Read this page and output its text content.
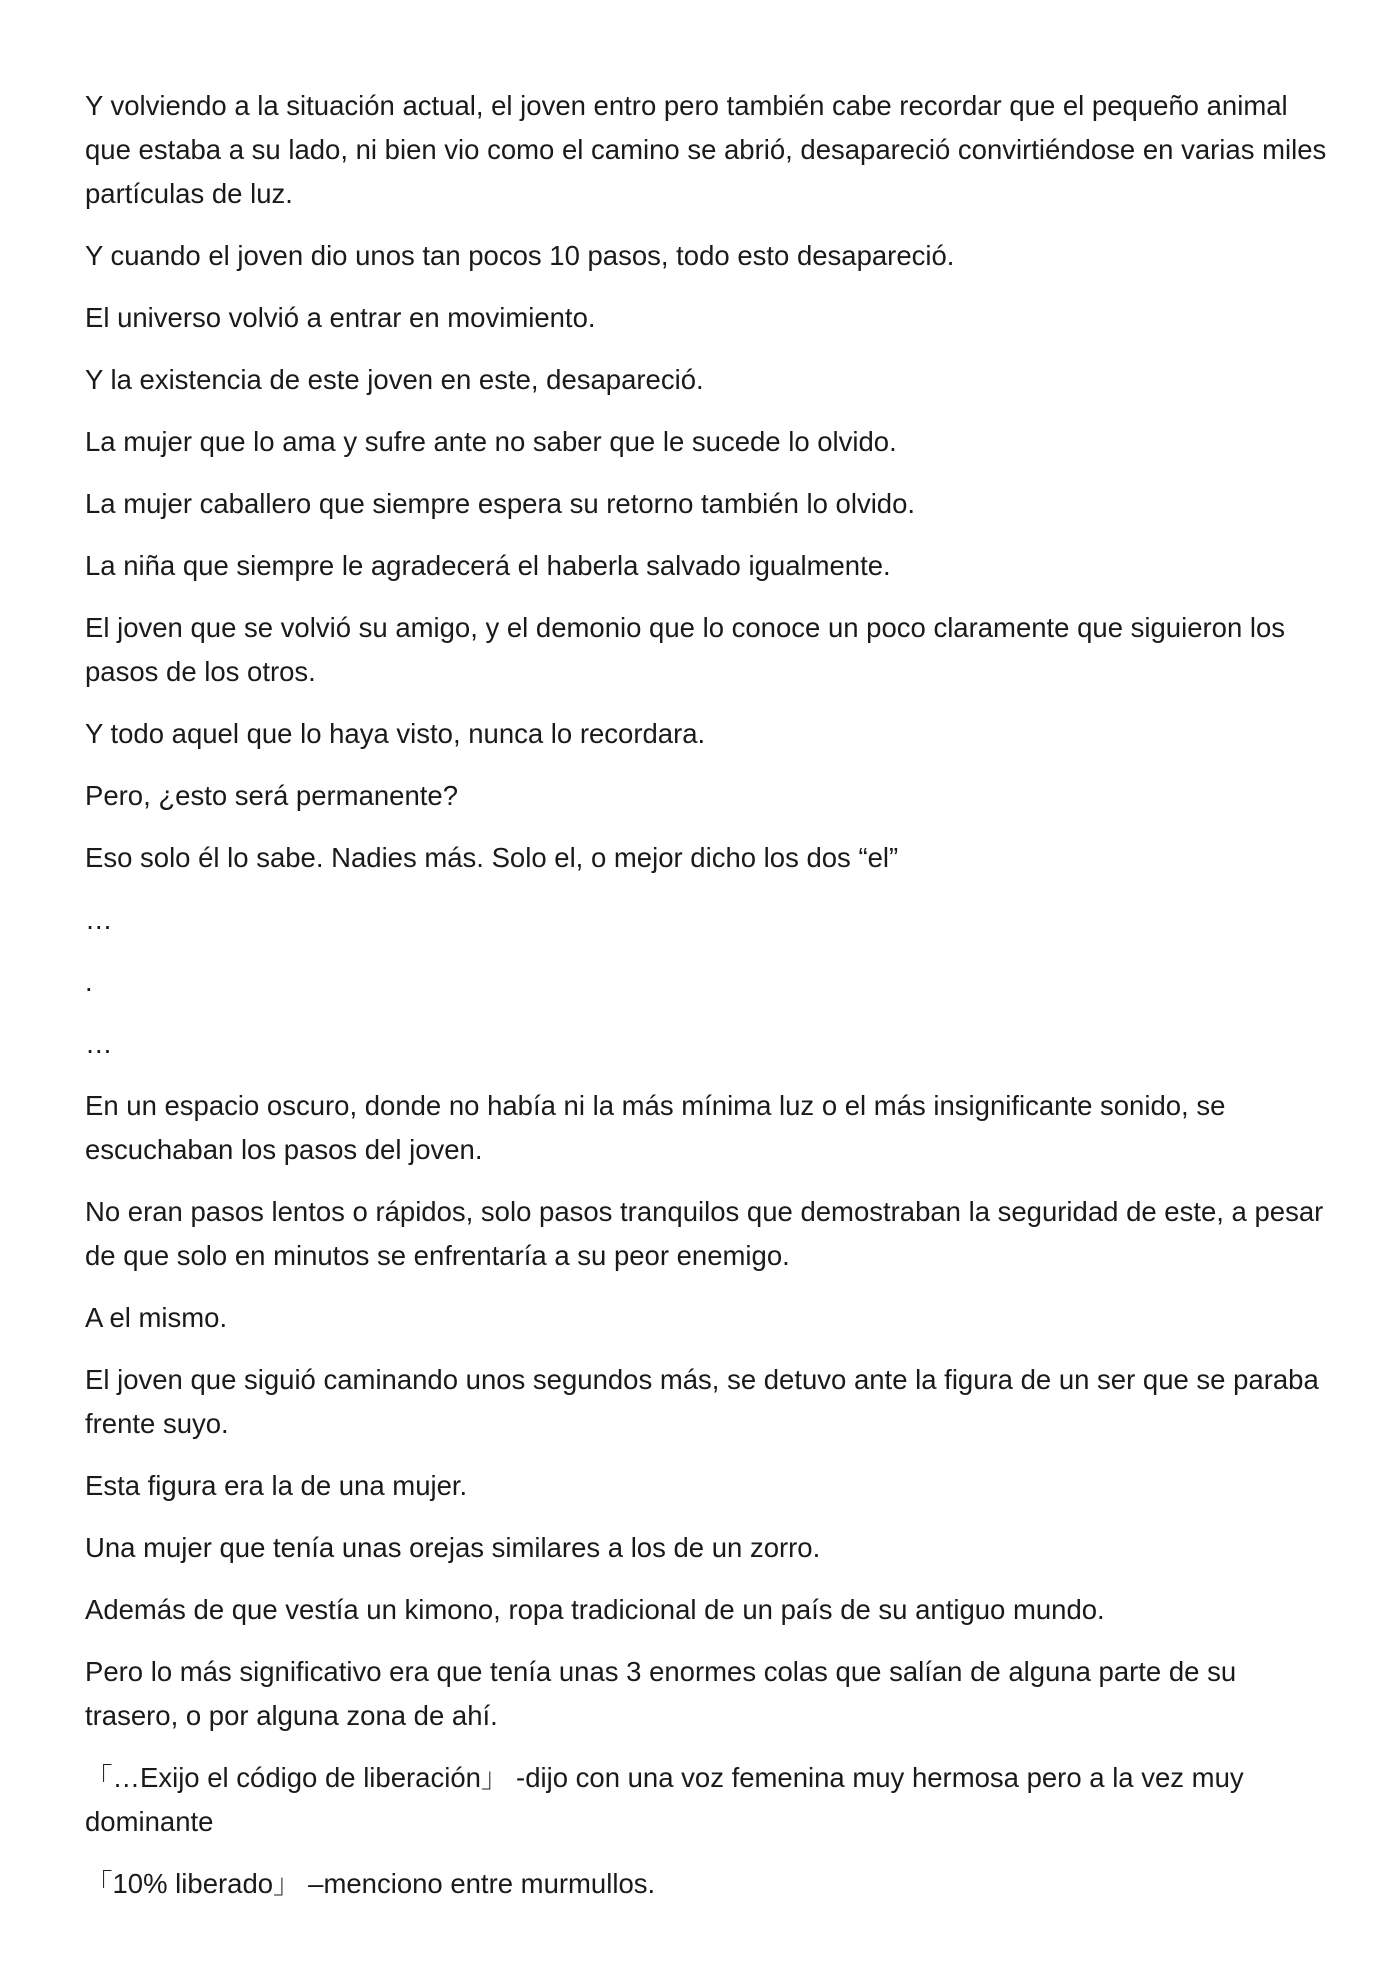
Y volviendo a la situación actual, el joven entro pero también cabe recordar que el pequeño animal que estaba a su lado, ni bien vio como el camino se abrió, desapareció convirtiéndose en varias miles partículas de luz.

Y cuando el joven dio unos tan pocos 10 pasos, todo esto desapareció.

El universo volvió a entrar en movimiento.

Y la existencia de este joven en este, desapareció.

La mujer que lo ama y sufre ante no saber que le sucede lo olvido.

La mujer caballero que siempre espera su retorno también lo olvido.

La niña que siempre le agradecerá el haberla salvado igualmente.

El joven que se volvió su amigo, y el demonio que lo conoce un poco claramente que siguieron los pasos de los otros.

Y todo aquel que lo haya visto, nunca lo recordara.

Pero, ¿esto será permanente?

Eso solo él lo sabe. Nadies más. Solo el, o mejor dicho los dos “el”

…

.

…

En un espacio oscuro, donde no había ni la más mínima luz o el más insignificante sonido, se escuchaban los pasos del joven.

No eran pasos lentos o rápidos, solo pasos tranquilos que demostraban la seguridad de este, a pesar de que solo en minutos se enfrentaría a su peor enemigo.

A el mismo.

El joven que siguió caminando unos segundos más, se detuvo ante la figura de un ser que se paraba frente suyo.

Esta figura era la de una mujer.

Una mujer que tenía unas orejas similares a los de un zorro.

Además de que vestía un kimono, ropa tradicional de un país de su antiguo mundo.

Pero lo más significativo era que tenía unas 3 enormes colas que salían de alguna parte de su trasero, o por alguna zona de ahí.

「…Exijo el código de liberación」 -dijo con una voz femenina muy hermosa pero a la vez muy dominante

「10% liberado」 –menciono entre murmullos.
